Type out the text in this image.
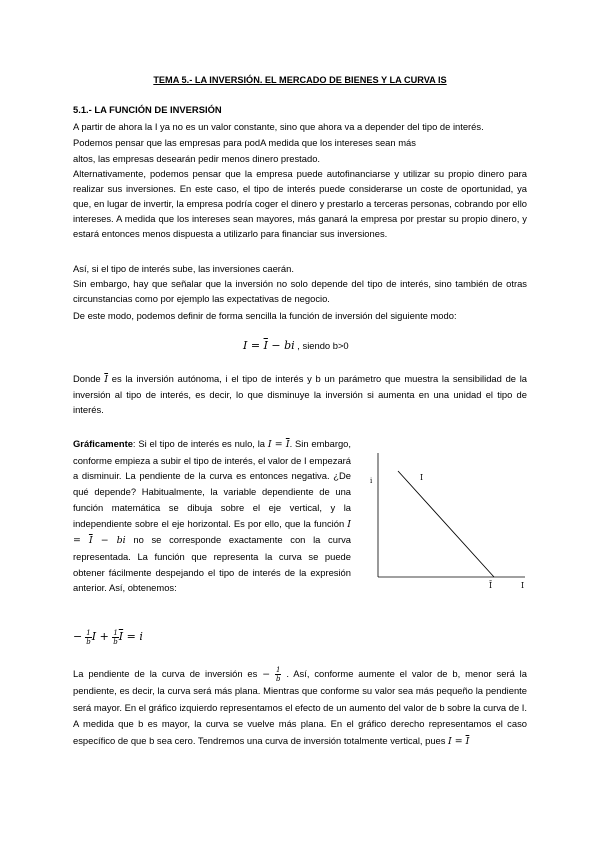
TEMA 5.- LA INVERSIÓN. EL MERCADO DE BIENES Y LA CURVA IS
5.1.- LA FUNCIÓN DE INVERSIÓN
A partir de ahora la I ya no es un valor constante, sino que ahora va a depender del tipo de interés.
Podemos pensar que las empresas para podA medida que los intereses sean más
altos, las empresas desearán pedir menos dinero prestado.
Alternativamente, podemos pensar que la empresa puede autofinanciarse y utilizar su propio dinero para realizar sus inversiones. En este caso, el tipo de interés puede considerarse un coste de oportunidad, ya que, en lugar de invertir, la empresa podría coger el dinero y prestarlo a terceras personas, cobrando por ello intereses. A medida que los intereses sean mayores, más ganará la empresa por prestar su propio dinero, y estará entonces menos dispuesta a utilizarlo para financiar sus inversiones.
Así, si el tipo de interés sube, las inversiones caerán.
Sin embargo, hay que señalar que la inversión no solo depende del tipo de interés, sino también de otras circunstancias como por ejemplo las expectativas de negocio.
De este modo, podemos definir de forma sencilla la función de inversión del siguiente modo:
$I = \overline{I}$ − bi , siendo b>0
Donde $\overline{I}$ es la inversión autónoma, i el tipo de interés y b un parámetro que muestra la sensibilidad de la inversión al tipo de interés, es decir, lo que disminuye la inversión si aumenta en una unidad el tipo de interés.
Gráficamente: Si el tipo de interés es nulo, la $I = \overline{I}$. Sin embargo, conforme empieza a subir el tipo de interés, el valor de I empezará a disminuir. La pendiente de la curva es entonces negativa. ¿De qué depende? Habitualmente, la variable dependiente de una función matemática se dibuja sobre el eje vertical, y la independiente sobre el eje horizontal. Es por ello, que la función $I = \overline{I}$ − bi no se corresponde exactamente con la curva representada. La función que representa la curva se puede obtener fácilmente despejando el tipo de interés de la expresión anterior. Así, obtenemos:
i	I
Ī	I
− $\frac{1}{b}$ $I + \frac{1}{b} \overline{I} = i$
La pendiente de la curva de inversión es − $\frac{1}{b}$ . Así, conforme aumente el valor de b, menor será la pendiente, es decir, la curva será más plana. Mientras que conforme su valor sea más pequeño la pendiente será mayor. En el gráfico izquierdo representamos el efecto de un aumento del valor de b sobre la curva de I. A medida que b es mayor, la curva se vuelve más plana. En el gráfico derecho representamos el caso específico de que b sea cero. Tendremos una curva de inversión totalmente vertical, pues $I = \overline{I}$
